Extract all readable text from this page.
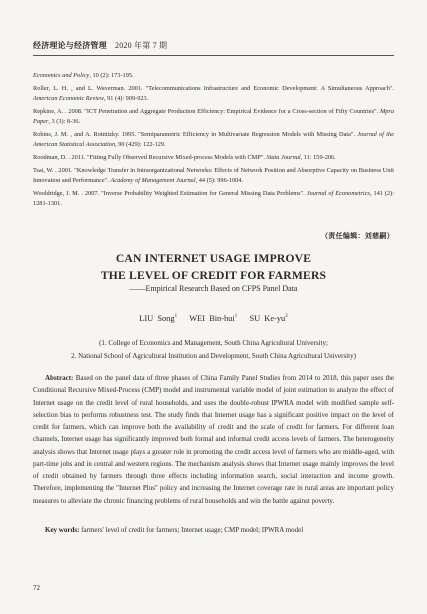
经济理论与经济管理 2020 年第 7 期

Economics and Policy, 10 (2): 173-195.

Roller, L. H. , and L. Waverman. 2001. "Telecommunications Infrastructure and Economic Development: A Simultaneous Approach". American Economic Review, 91 (4): 909-923.

Repkine, A. . 2008. "ICT Penetration and Aggregate Production Efficiency: Empirical Evidence for a Cross-section of Fifty Countries". Mpra Paper, 3 (3): 8-36.

Robins, J. M. , and A. Rotnitzky. 1995. "Semiparametric Efficiency in Multivariate Regression Models with Missing Data". Journal of the American Statistical Association, 90 (429): 122-129.

Roodman, D. . 2011. "Fitting Fully Observed Recursive Mixed-process Models with CMP". Stata Journal, 11: 159-206.

Tsai, W. . 2001. "Knowledge Transfer in Intraorganizational Networks: Effects of Network Position and Absorptive Capacity on Business Unit Innovation and Performance". Academy of Management Journal, 44 (5): 996-1004.

Wooldridge, J. M. . 2007. "Inverse Probability Weighted Estimation for General Missing Data Problems". Journal of Econometrics, 141 (2): 1281-1301.

（责任编辑：刘慈嗣）
CAN INTERNET USAGE IMPROVE
THE LEVEL OF CREDIT FOR FARMERS
——Empirical Research Based on CFPS Panel Data
LIU Song$^1$ WEI Bin-hui$^1$ SU $Ke-yu^2$
(1. College of Economics and Management, South China Agricultural University;
2. National School of Agricultural Institution and Development, South China Agricultural University)

Abstract: Based on the panel data of three phases of China Family Panel Studies from 2014 to 2018, this paper uses the Conditional Recursive Mixed-Process (CMP) model and instrumental variable model of joint estimation to analyze the effect of Internet usage on the credit level of rural households, and uses the double-robust IPWRA model with modified sample self-selection bias to performs robustness test. The study finds that Internet usage has a significant positive impact on the level of credit for farmers, which can improve both the availability of credit and the scale of credit for farmers. For different loan channels, Internet usage has significantly improved both formal and informal credit access levels of farmers. The heterogeneity analysis shows that Internet usage plays a greater role in promoting the credit access level of farmers who are middle-aged, with part-time jobs and in central and western regions. The mechanism analysis shows that Internet usage mainly improves the level of credit obtained by farmers through three effects including information search, social interaction and income growth. Therefore, implementing the "Internet Plus" policy and increasing the Internet coverage rate in rural areas are important policy measures to alleviate the chronic financing problems of rural households and win the battle against poverty.

Key words: farmers' level of credit for farmers; Internet usage; CMP model; IPWRA model
72
